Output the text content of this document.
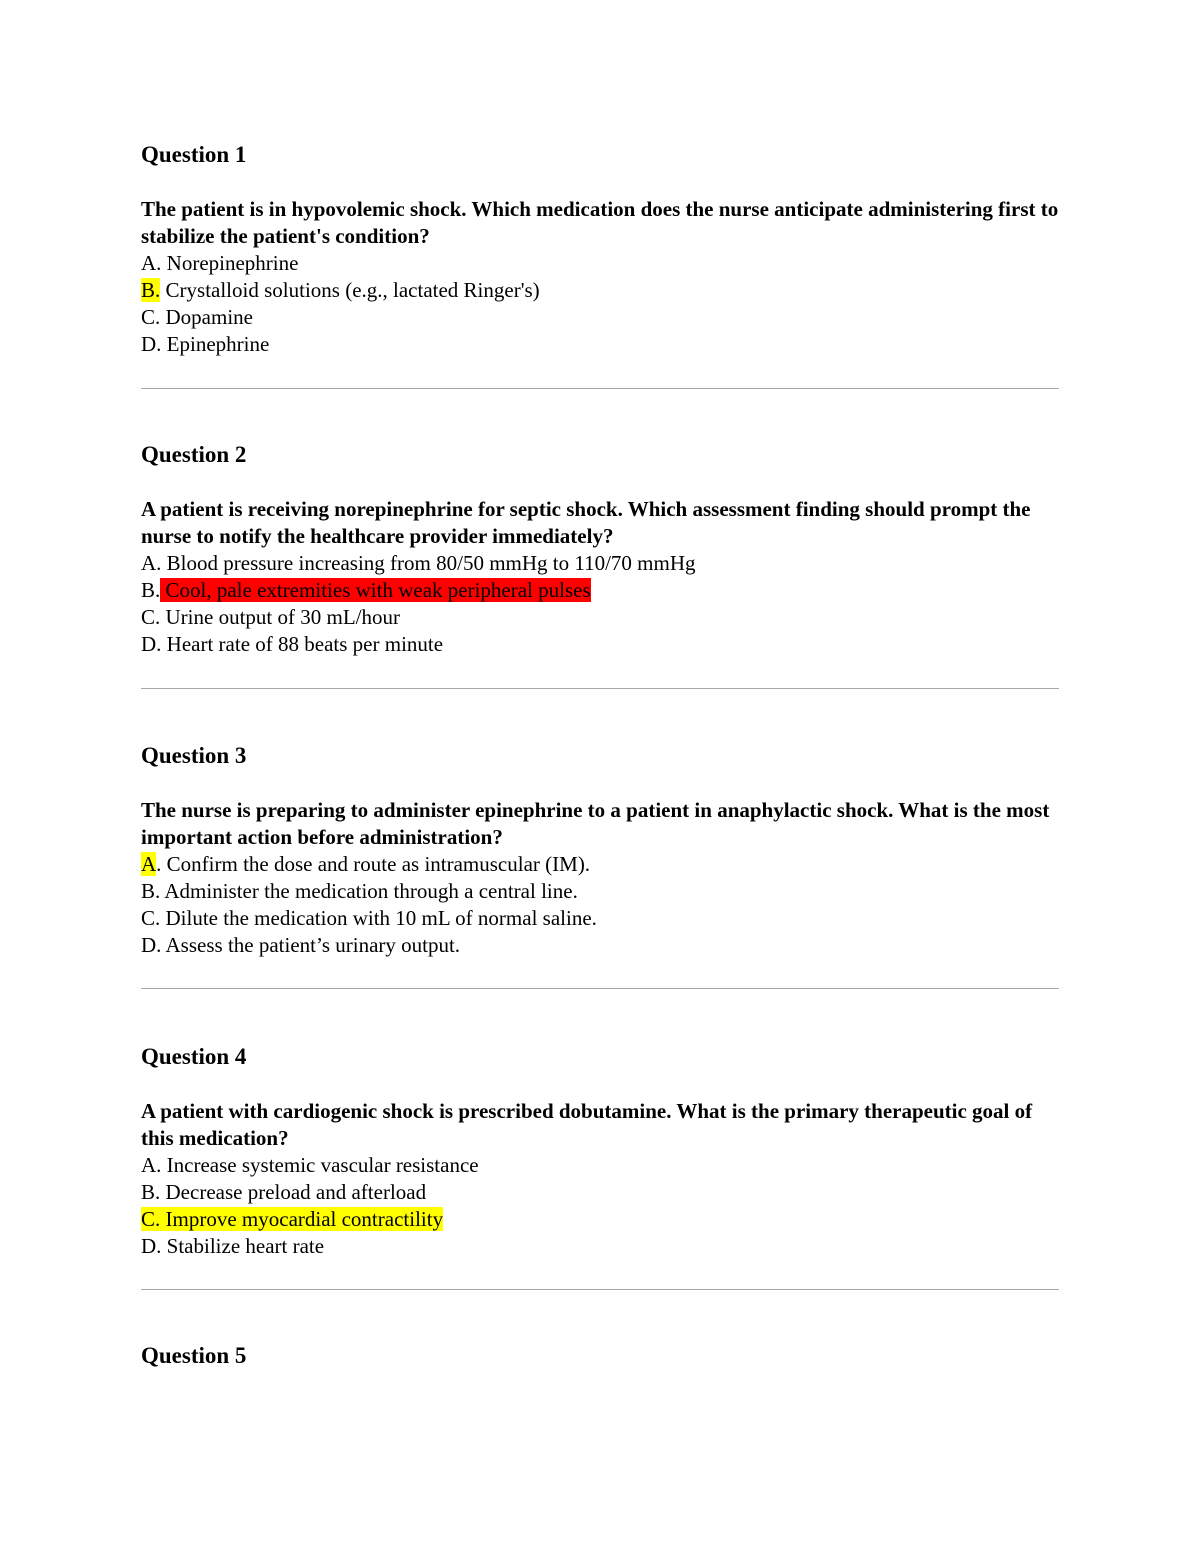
Question 1

The patient is in hypovolemic shock. Which medication does the nurse anticipate administering first to stabilize the patient's condition?

A. Norepinephrine
B. Crystalloid solutions (e.g., lactated Ringer's)
C. Dopamine
D. Epinephrine
Question 2

A patient is receiving norepinephrine for septic shock. Which assessment finding should prompt the nurse to notify the healthcare provider immediately?

A. Blood pressure increasing from 80/50 mmHg to 110/70 mmHg
B. Cool, pale extremities with weak peripheral pulses
C. Urine output of 30 mL/hour
D. Heart rate of 88 beats per minute
Question 3

The nurse is preparing to administer epinephrine to a patient in anaphylactic shock. What is the most important action before administration?

A. Confirm the dose and route as intramuscular (IM).
B. Administer the medication through a central line.
C. Dilute the medication with 10 mL of normal saline.
D. Assess the patient’s urinary output.
Question 4

A patient with cardiogenic shock is prescribed dobutamine. What is the primary therapeutic goal of this medication?

A. Increase systemic vascular resistance
B. Decrease preload and afterload
C. Improve myocardial contractility
D. Stabilize heart rate
Question 5
